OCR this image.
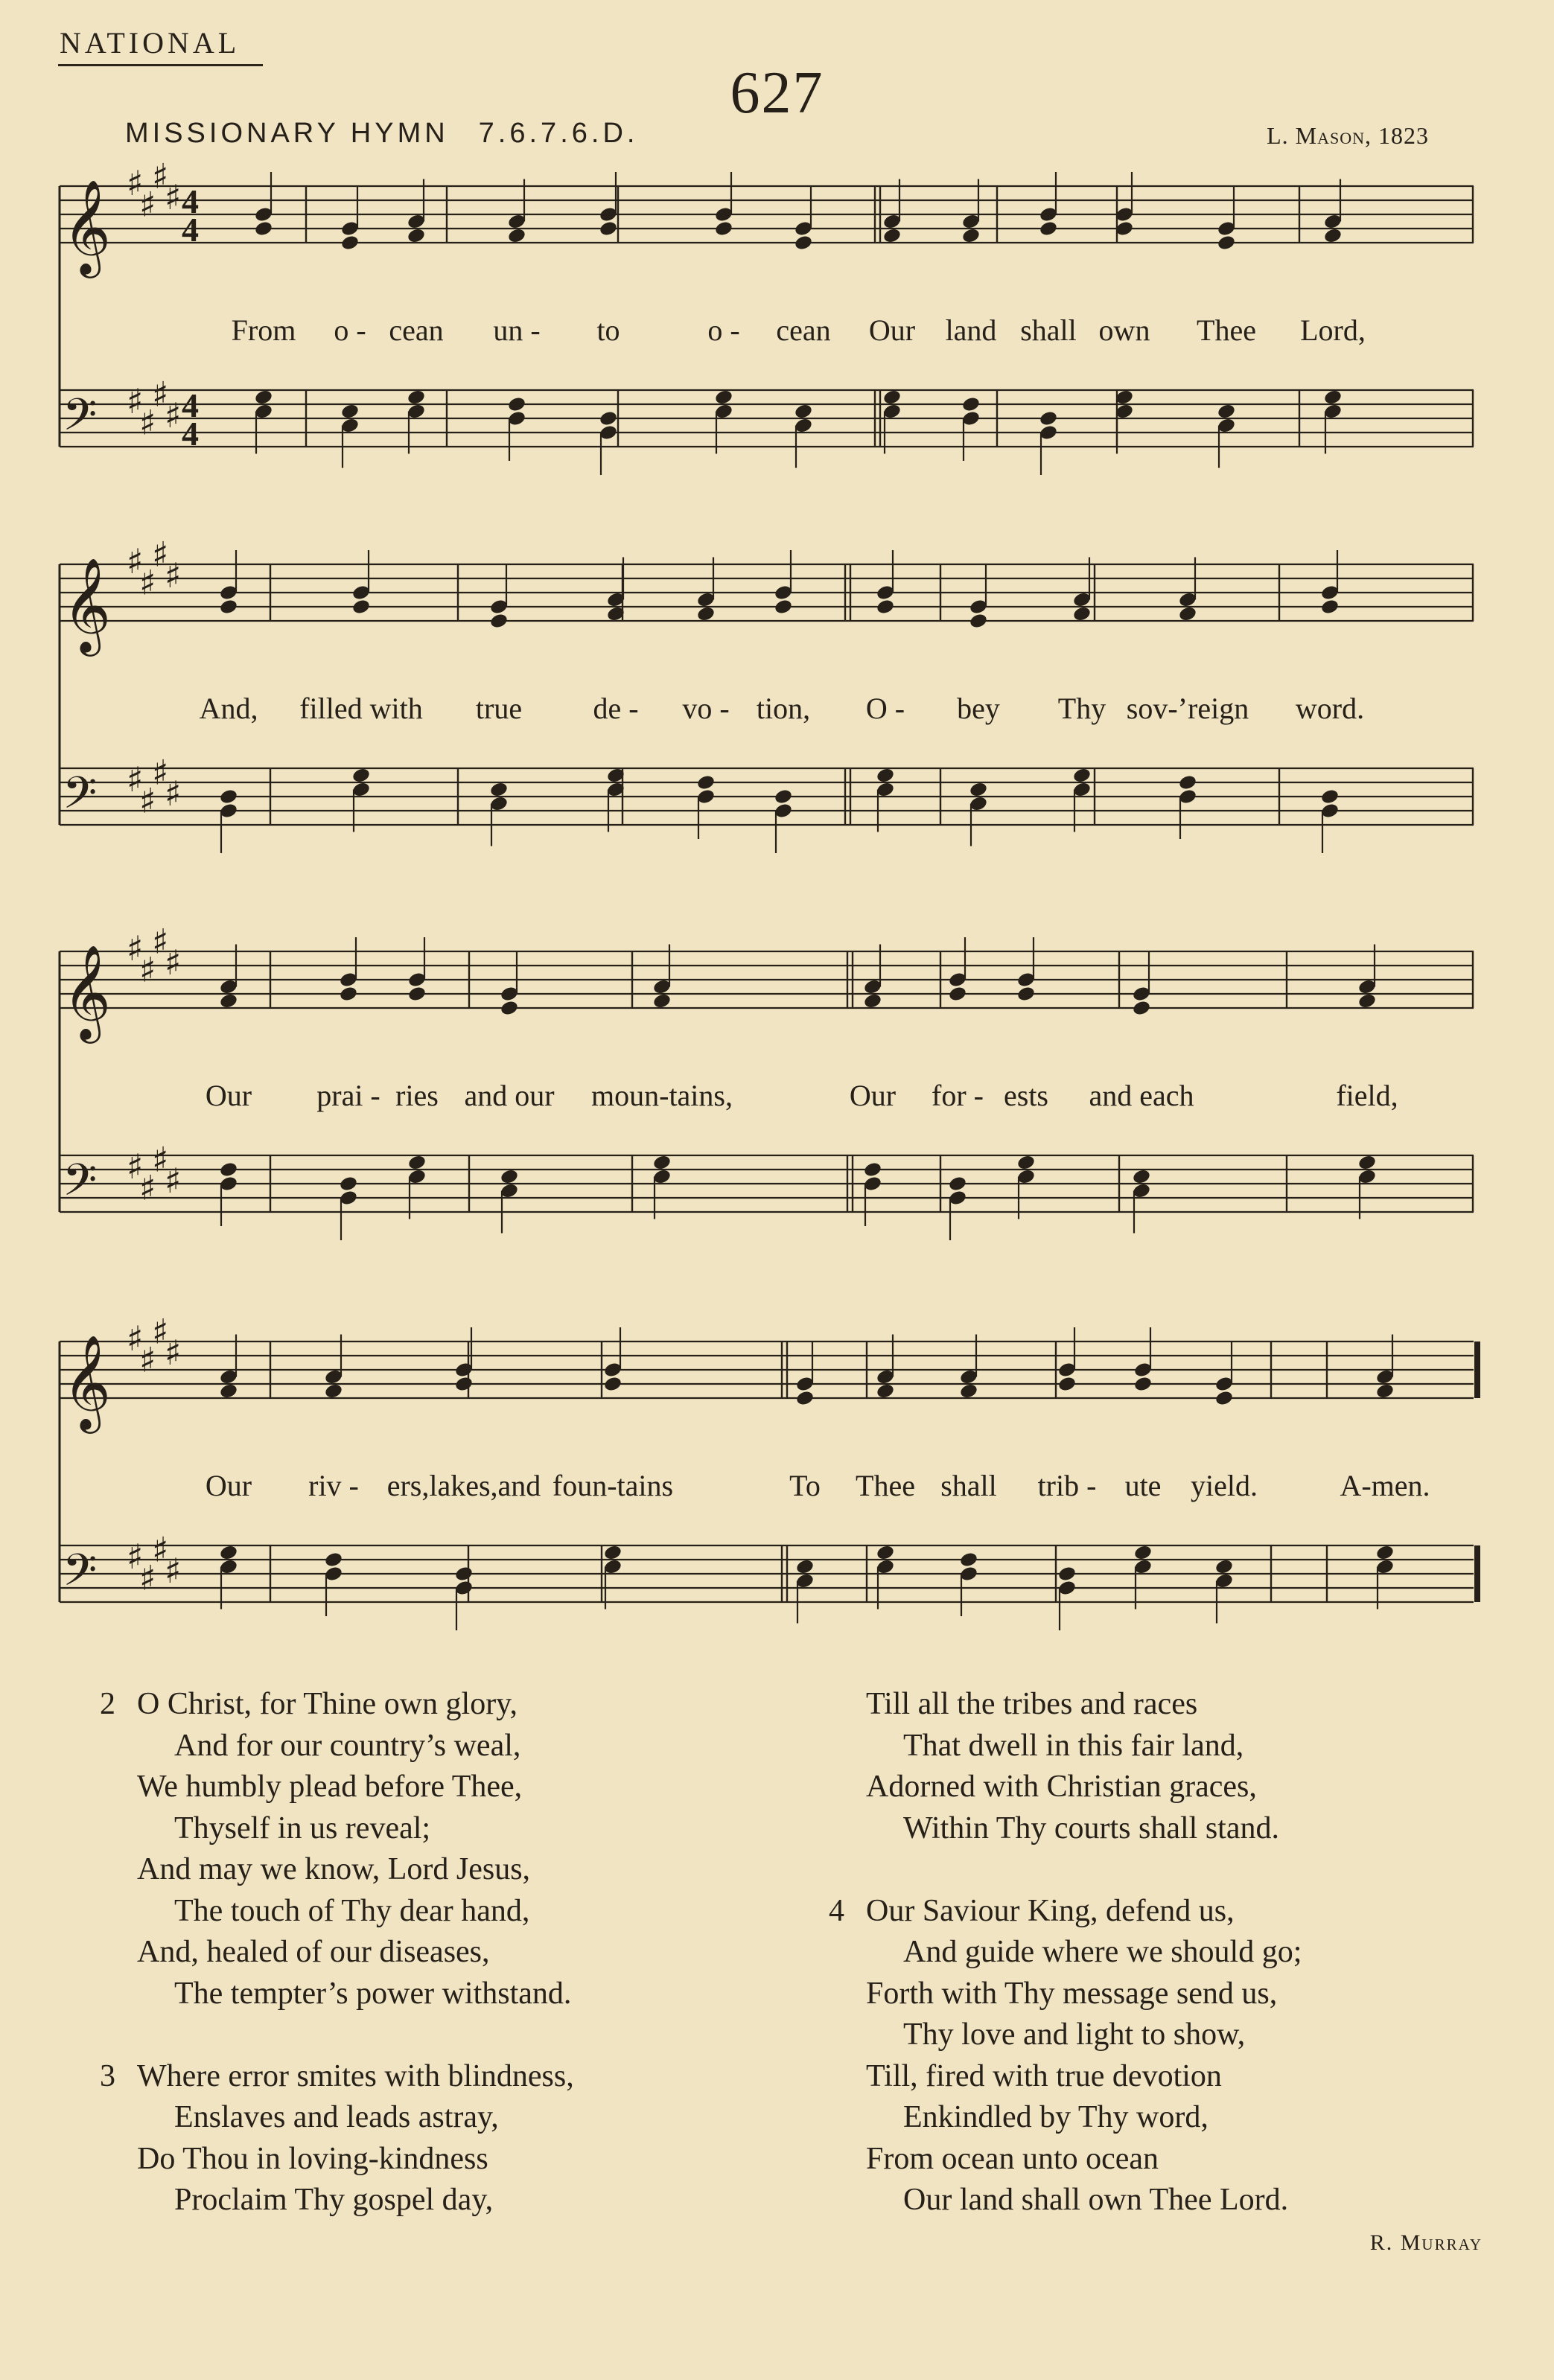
NATIONAL
627
MISSIONARY HYMN 7.6.7.6.D.	L. Mason, 1823
𝄞
𝄢
♯
♯
♯
♯
♯
♯
♯
♯
4
4
4
4
From o - cean un - to	o - cean Our land shall own Thee Lord,
𝄞
𝄢
♯
♯
♯
♯
♯
♯
♯
♯
And, filled with true de - vo - tion, O - bey Thy sov-’reign word.
𝄞
𝄢
♯
♯
♯
♯
♯
♯
♯
♯
Our prai - ries and our moun-tains,	Our for - ests and each	field,
𝄞
𝄢
♯
♯
♯
♯
♯
♯
♯
♯
Our riv - ers,lakes,and foun-tains	To Thee shall trib - ute yield.	A-men.
2 O Christ, for Thine own glory,
And for our country’s weal,
We humbly plead before Thee,
Thyself in us reveal;
And may we know, Lord Jesus,
The touch of Thy dear hand,
And, healed of our diseases,
The tempter’s power withstand.
3 Where error smites with blindness,
Enslaves and leads astray,
Do Thou in loving-kindness
Proclaim Thy gospel day,
Till all the tribes and races
That dwell in this fair land,
Adorned with Christian graces,
Within Thy courts shall stand.
4 Our Saviour King, defend us,
And guide where we should go;
Forth with Thy message send us,
Thy love and light to show,
Till, fired with true devotion
Enkindled by Thy word,
From ocean unto ocean
Our land shall own Thee Lord.
R. Murray
